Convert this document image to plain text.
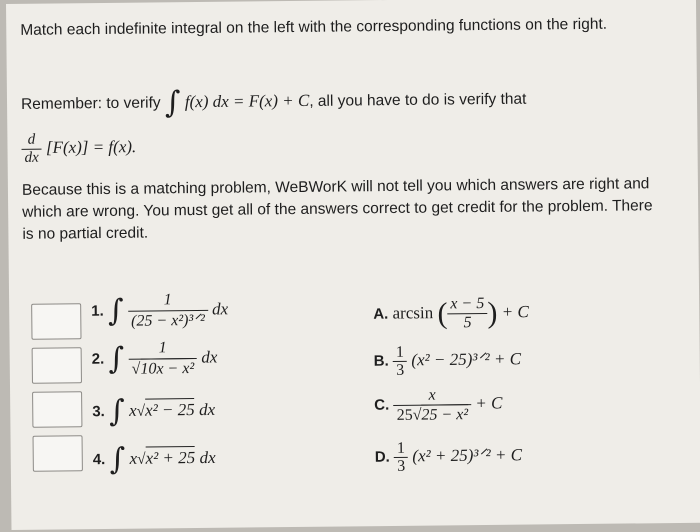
Match each indefinite integral on the left with the corresponding functions on the right.
Remember: to verify ∫ f(x) dx = F(x) + C, all you have to do is verify that
$\frac{d}{dx} [F(x)] = f(x)$.
Because this is a matching problem, WeBWorK will not tell you which answers are right and which are wrong. You must get all of the answers correct to get credit for the problem. There is no partial credit.
1. ∫ $\frac{1}{\text{(25 − x²)³ᐟ²}}$ dx
2. ∫ $\frac{1}{\text{√10x − x²}}$ dx
3. ∫ x√x² − 25 dx
4. ∫ x√x² + 25 dx
A. arcsin ( $\frac{x - 5}{5}$ ) + C
B. $\frac{1}{3} (x^2$ − 25)³ᐟ² + C
C. $\frac{x}{\text{25√25 − x²}} + C$
D. $\frac{1}{3} (x^2$ + 25)³ᐟ² + C
